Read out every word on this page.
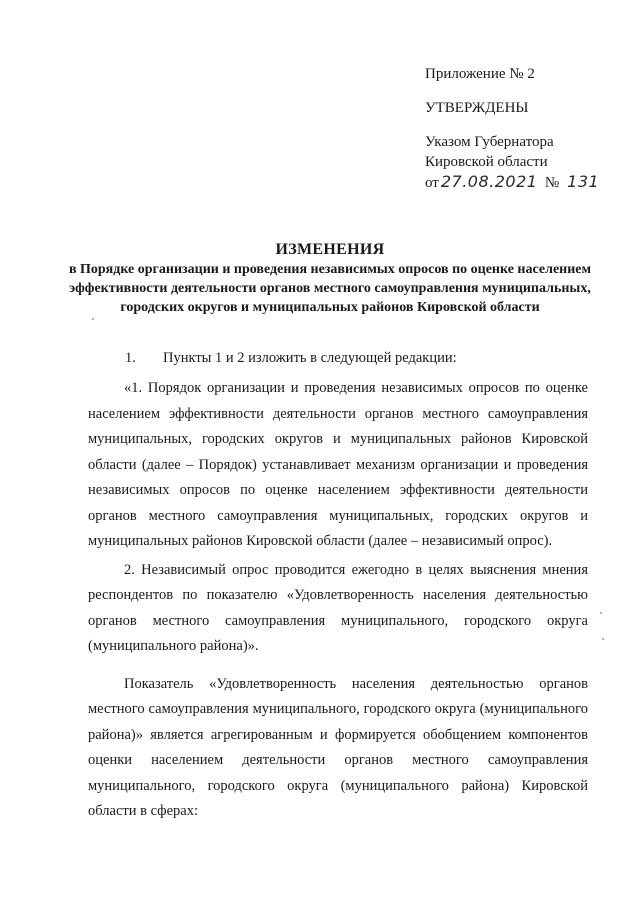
Приложение № 2
УТВЕРЖДЕНЫ
Указом Губернатора
Кировской области
от 27.08.2021 № 131
ИЗМЕНЕНИЯ
в Порядке организации и проведения независимых опросов по оценке населением эффективности деятельности органов местного самоуправления муниципальных, городских округов и муниципальных районов Кировской области
1. Пункты 1 и 2 изложить в следующей редакции:
«1. Порядок организации и проведения независимых опросов по оценке населением эффективности деятельности органов местного самоуправления муниципальных, городских округов и муниципальных районов Кировской области (далее – Порядок) устанавливает механизм организации и проведения независимых опросов по оценке населением эффективности деятельности органов местного самоуправления муниципальных, городских округов и муниципальных районов Кировской области (далее – независимый опрос).
2. Независимый опрос проводится ежегодно в целях выяснения мнения респондентов по показателю «Удовлетворенность населения деятельностью органов местного самоуправления муниципального, городского округа (муниципального района)».
Показатель «Удовлетворенность населения деятельностью органов местного самоуправления муниципального, городского округа (муниципального района)» является агрегированным и формируется обобщением компонентов оценки населением деятельности органов местного самоуправления муниципального, городского округа (муниципального района) Кировской области в сферах:
